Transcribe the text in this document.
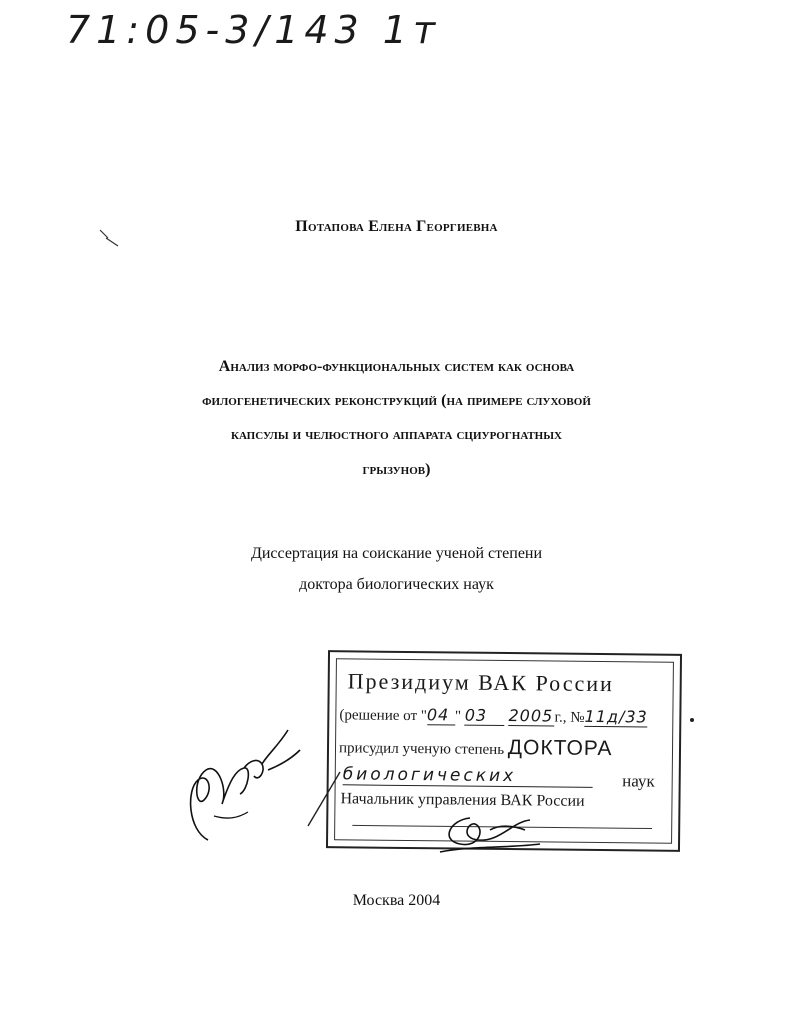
71:05-3/143 1т
Потапова Елена Георгиевна
Анализ морфо-функциональных систем как основа
филогенетических реконструкций (на примере слуховой
капсулы и челюстного аппарата сциурогнатных
грызунов)
Диссертация на соискание ученой степени
доктора биологических наук
Президиум ВАК России
(решение от "04 " 03 2005г., №11д/33
присудил ученую степень ДОКТОРА
биологических	наук
Начальник управления ВАК России
Москва 2004
